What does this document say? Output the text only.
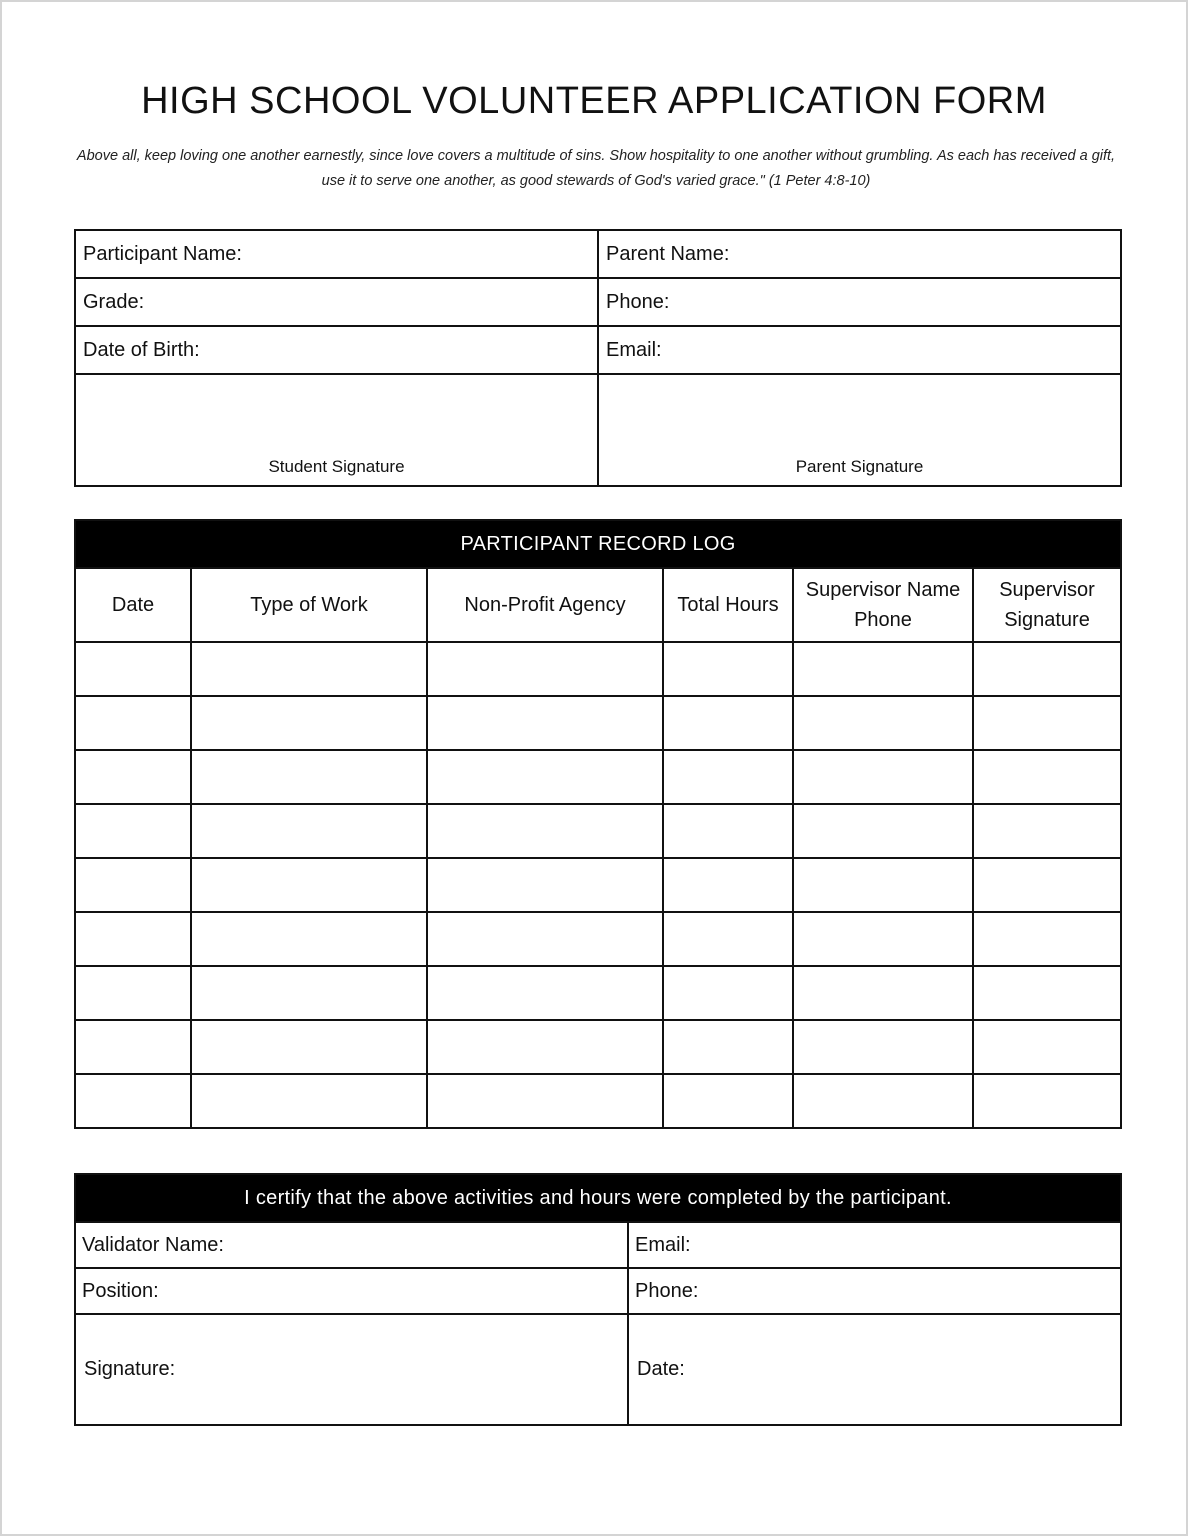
HIGH SCHOOL VOLUNTEER APPLICATION FORM
Above all, keep loving one another earnestly, since love covers a multitude of sins. Show hospitality to one another without grumbling. As each has received a gift, use it to serve one another, as good stewards of God's varied grace." (1 Peter 4:8-10)
Participant Name:	Parent Name:
Grade:	Phone:
Date of Birth:	Email:
Student Signature	Parent Signature
PARTICIPANT RECORD LOG					
Date	Type of Work	Non-Profit Agency	Total Hours	Supervisor Name Phone	Supervisor Signature

I certify that the above activities and hours were completed by the participant.	
Validator Name:	Email:
Position:	Phone:
Signature:	Date:
